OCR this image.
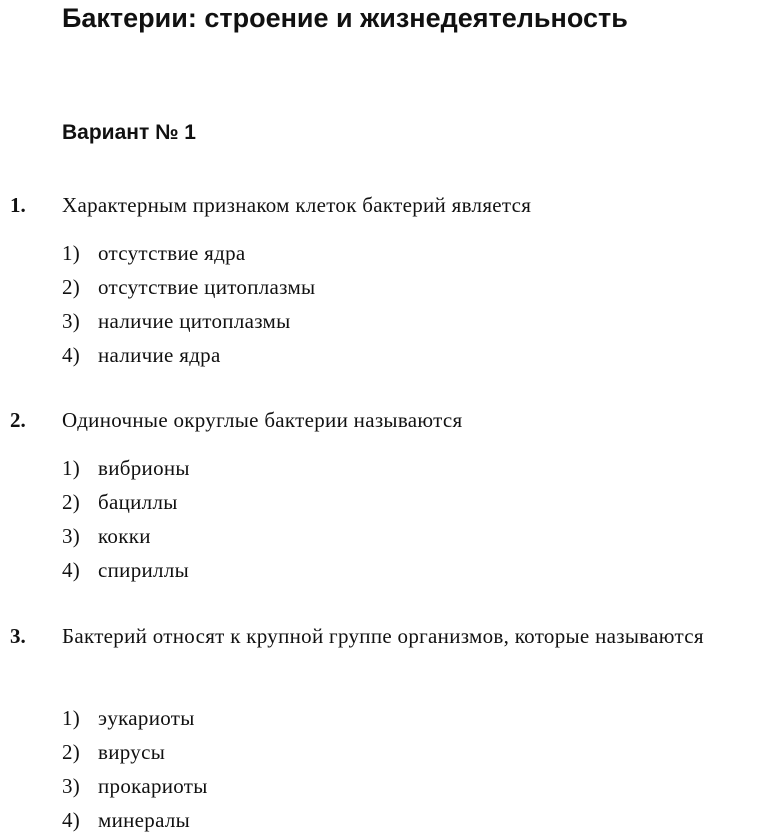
Бактерии: строение и жизнедеятельность
Вариант № 1
1. Характерным признаком клеток бактерий является
1) отсутствие ядра
2) отсутствие цитоплазмы
3) наличие цитоплазмы
4) наличие ядра
2. Одиночные округлые бактерии называются
1) вибрионы
2) бациллы
3) кокки
4) спириллы
3. Бактерий относят к крупной группе организмов, которые называются
1) эукариоты
2) вирусы
3) прокариоты
4) минералы
